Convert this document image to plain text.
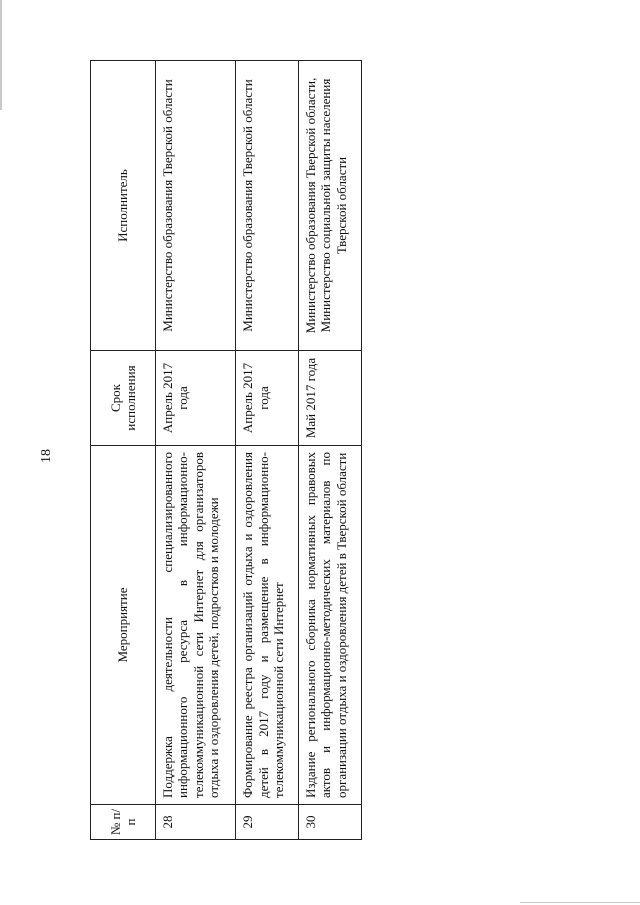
18
№ п/п	Мероприятие	Срок исполнения	Исполнитель
28	Поддержка деятельности специализированного информационного ресурса в информационно-телекоммуникационной сети Интернет для организаторов отдыха и оздоровления детей, подростков и молодежи	Апрель 2017 года	Министерство образования Тверской области
29	Формирование реестра организаций отдыха и оздоровления детей в 2017 году и размещение в информационно-телекоммуникационной сети Интернет	Апрель 2017 года	Министерство образования Тверской области
30	Издание регионального сборника нормативных правовых актов и информационно-методических материалов по организации отдыха и оздоровления детей в Тверской области	Май 2017 года	Министерство образования Тверской области, Министерство социальной защиты населения Тверской области
